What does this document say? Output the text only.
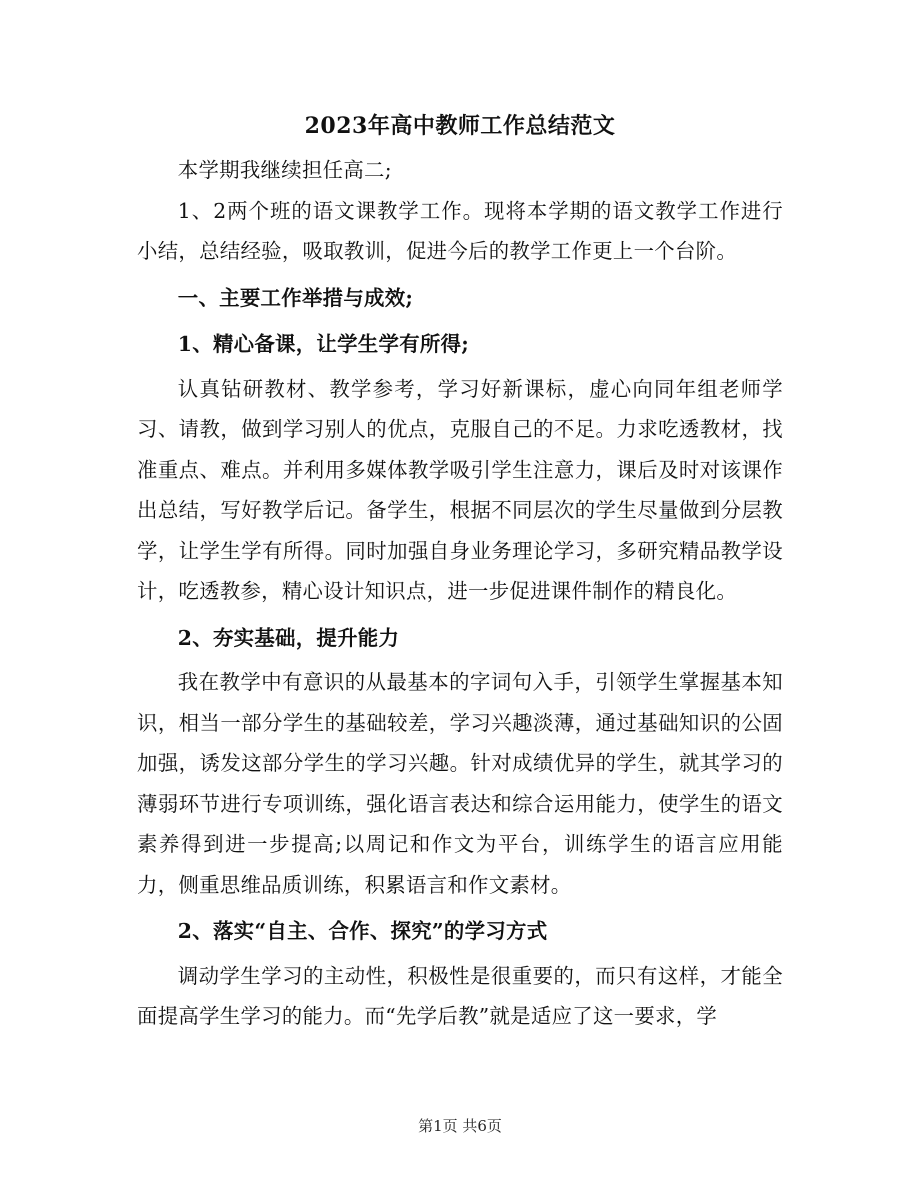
2023年高中教师工作总结范文

本学期我继续担任高二;

1、2两个班的语文课教学工作。现将本学期的语文教学工作进行小结，总结经验，吸取教训，促进今后的教学工作更上一个台阶。

一、主要工作举措与成效;

1、精心备课，让学生学有所得;

认真钻研教材、教学参考，学习好新课标，虚心向同年组老师学习、请教，做到学习别人的优点，克服自己的不足。力求吃透教材，找准重点、难点。并利用多媒体教学吸引学生注意力，课后及时对该课作出总结，写好教学后记。备学生，根据不同层次的学生尽量做到分层教学，让学生学有所得。同时加强自身业务理论学习，多研究精品教学设计，吃透教参，精心设计知识点，进一步促进课件制作的精良化。

2、夯实基础，提升能力

我在教学中有意识的从最基本的字词句入手，引领学生掌握基本知识，相当一部分学生的基础较差，学习兴趣淡薄，通过基础知识的公固加强，诱发这部分学生的学习兴趣。针对成绩优异的学生，就其学习的薄弱环节进行专项训练，强化语言表达和综合运用能力，使学生的语文素养得到进一步提高;以周记和作文为平台，训练学生的语言应用能力，侧重思维品质训练，积累语言和作文素材。

2、落实“自主、合作、探究”的学习方式

调动学生学习的主动性，积极性是很重要的，而只有这样，才能全面提高学生学习的能力。而“先学后教”就是适应了这一要求，学

第1页 共6页
